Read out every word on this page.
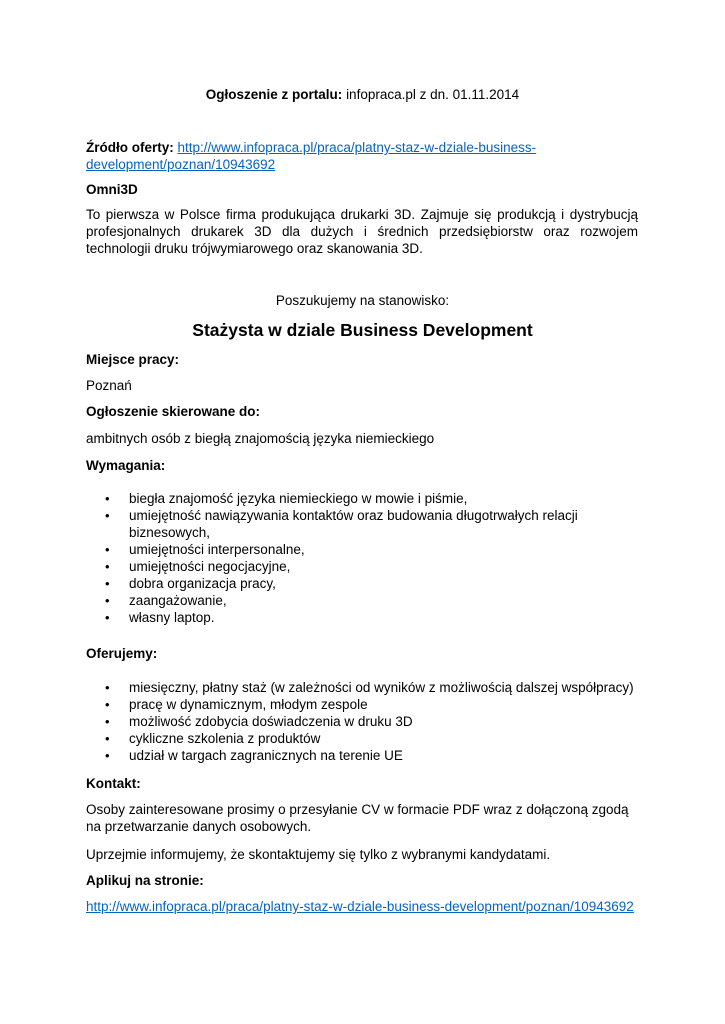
Ogłoszenie z portalu: infopraca.pl z dn. 01.11.2014
Źródło oferty: http://www.infopraca.pl/praca/platny-staz-w-dziale-business-
development/poznan/10943692
Omni3D
To pierwsza w Polsce firma produkująca drukarki 3D. Zajmuje się produkcją i dystrybucją profesjonalnych drukarek 3D dla dużych i średnich przedsiębiorstw oraz rozwojem technologii druku trójwymiarowego oraz skanowania 3D.
Poszukujemy na stanowisko:
Stażysta w dziale Business Development
Miejsce pracy:
Poznań
Ogłoszenie skierowane do:
ambitnych osób z biegłą znajomością języka niemieckiego
Wymagania:
• biegła znajomość języka niemieckiego w mowie i piśmie,
• umiejętność nawiązywania kontaktów oraz budowania długotrwałych relacji biznesowych,
• umiejętności interpersonalne,
• umiejętności negocjacyjne,
• dobra organizacja pracy,
• zaangażowanie,
• własny laptop.
Oferujemy:
• miesięczny, płatny staż (w zależności od wyników z możliwością dalszej współpracy)
• pracę w dynamicznym, młodym zespole
• możliwość zdobycia doświadczenia w druku 3D
• cykliczne szkolenia z produktów
• udział w targach zagranicznych na terenie UE
Kontakt:
Osoby zainteresowane prosimy o przesyłanie CV w formacie PDF wraz z dołączoną zgodą na przetwarzanie danych osobowych.
Uprzejmie informujemy, że skontaktujemy się tylko z wybranymi kandydatami.
Aplikuj na stronie:
http://www.infopraca.pl/praca/platny-staz-w-dziale-business-development/poznan/10943692
